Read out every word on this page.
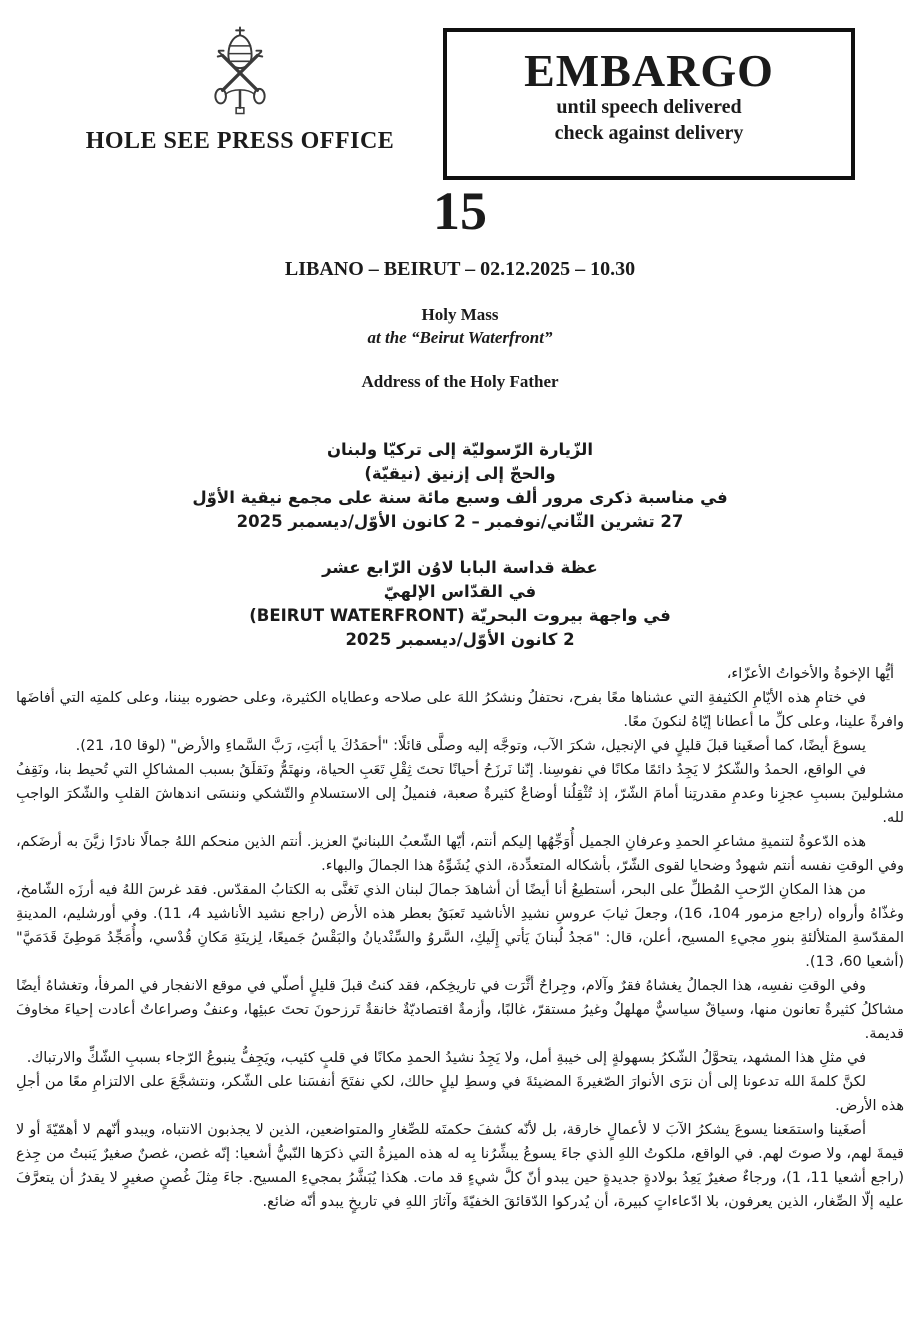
HOLE SEE PRESS OFFICE
EMBARGO
until speech delivered
check against delivery
15
LIBANO – BEIRUT – 02.12.2025 – 10.30
Holy Mass
at the “Beirut Waterfront”
Address of the Holy Father
الزّيارة الرّسوليّة إلى تركيّا ولبنان
والحجّ إلى إزنيق (نيقيّة)
في مناسبة ذكرى مرور ألف وسبع مائة سنة على مجمع نيقية الأوّل
27 تشرين الثّاني/نوفمبر – 2 كانون الأوّل/ديسمبر 2025
عظة قداسة البابا لاوُن الرّابع عشر
في القدّاس الإلهيّ
في واجهة بيروت البحريّة (BEIRUT WATERFRONT)
2 كانون الأوّل/ديسمبر 2025

أيُّها الإخوةُ والأخواتُ الأعزّاء،

في ختامِ هذه الأيّامِ الكثيفةِ التي عشناها معًا بفرح، نحتفلُ ونشكرُ اللهَ على صلاحه وعطاياه الكثيرة، وعلى حضوره بيننا، وعلى كلمتِه التي أفاضَها وافرةً علينا، وعلى كلِّ ما أعطانا إيّاهُ لنكونَ معًا.

يسوعَ أيضًا، كما أصغَينا قبلَ قليلٍ في الإنجيل، شكرَ الآب، وتوجَّه إليه وصلَّى قائلًا: "أحمَدُكَ يا أبَتِ، رَبَّ السَّماءِ والأرض" (لوقا 10، 21).

في الواقع، الحمدُ والشّكرُ لا يَجِدُ دائمًا مكانًا في نفوسِنا. إنّنا نَرزَحُ أحيانًا تحتَ ثِقْلِ تَعَبِ الحياة، ونهتَمُّ ونَقلَقُ بسبب المشاكلِ التي تُحيط بنا، ونَقِفُ مشلولينَ بسببِ عجزِنا وعدمِ مقدرتِنا أمامَ الشّرّ، إذ تُثْقِلُنا أوضاعٌ كثيرةٌ صعبة، فنميلُ إلى الاستسلامِ والتّشكي وننسَى اندهاشَ القلبِ والشّكرَ الواجبِ لله.

هذه الدّعوةُ لتنميةِ مشاعرِ الحمدِ وعرفانِ الجميل أُوَجِّهُها إليكم أنتم، أيّها الشّعبُ اللبنانيّ العزيز. أنتم الذين منحكم اللهُ جمالًا نادرًا زيَّنَ به أرضَكم، وفي الوقتِ نفسه أنتم شهودٌ وضحايا لقوى الشّرّ، بأشكاله المتعدِّدة، الذي يُشَوِّهُ هذا الجمالَ والبهاء.

من هذا المكانِ الرّحبِ المُطلِّ على البحر، أستطيعُ أنا أيضًا أن أشاهدَ جمالَ لبنان الذي تَغنَّى به الكتابُ المقدّس. فقد غرسَ اللهُ فيه أرزَه الشّامخ، وغذّاهُ وأرواه (راجع مزمور 104، 16)، وجعلَ ثيابَ عروسِ نشيدِ الأناشيد تَعبَقُ بعطر هذه الأرض (راجع نشيد الأناشيد 4، 11). وفي أورشليم، المدينةِ المقدّسةِ المتلألئةِ بنورِ مجيءِ المسيح، أعلن، قال: "مَجدُ لُبنانَ يَأتي إِلَيكِ، السَّروُ والسِّنْديانُ والبَقْسُ جَميعًا، لِزينَةِ مَكانِ قُدْسي، وأُمَجِّدُ مَوطِئَ قَدَمَيَّ" (أشعيا 60، 13).

وفي الوقتِ نفسِه، هذا الجمالُ يغشاهُ فقرٌ وآلام، وجِراحٌ أثَّرَت في تاريخِكم، فقد كنتُ قبلَ قليلٍ أصلّي في موقع الانفجار في المرفأ، وتغشاهُ أيضًا مشاكلُ كثيرةٌ تعانون منها، وسياقٌ سياسيٌّ مهلهلٌ وغيرُ مستقرّ، غالبًا، وأزمةٌ اقتصاديّةٌ خانقةٌ تَرزحونَ تحتَ عبئِها، وعنفٌ وصراعاتٌ أعادت إحياءَ مخاوفَ قديمة.

في مثلِ هذا المشهد، يتحوَّلُ الشّكرُ بسهولةٍ إلى خيبةِ أمل، ولا يَجِدُ نشيدُ الحمدِ مكانًا في قلبٍ كئيب، ويَجِفُّ ينبوعُ الرّجاء بسببِ الشّكِّ والارتباك.

لكنَّ كلمةَ الله تدعونا إلى أن نرَى الأنوارَ الصّغيرةَ المضيئةَ في وسطِ ليلٍ حالك، لكي نفتَحَ أنفسَنا على الشّكر، ونتشجَّعَ على الالتزامِ معًا من أجلِ هذه الأرض.

أصغَينا واستمَعنا يسوعَ يشكرُ الآبَ لا لأعمالٍ خارقة، بل لأنّه كشفَ حكمتَه للصِّغارِ والمتواضعين، الذين لا يجذبون الانتباه، ويبدو أنّهم لا أهمّيّةَ أو لا قيمةَ لهم، ولا صوتَ لهم. في الواقع، ملكوتُ اللهِ الذي جاءَ يسوعُ يبشِّرُنا بِه له هذه الميزةُ التي ذكرَها النّبيُّ أشعيا: إنّه غصن، غصنٌ صغيرٌ يَنبتُ من جِذع (راجع أشعيا 11، 1)، ورجاءٌ صغيرٌ يَعِدُ بولادةٍ جديدةٍ حين يبدو أنّ كلَّ شيءٍ قد مات. هكذا يُبَشَّرُ بمجيءِ المسيح. جاءَ مِثلَ غُصنٍ صغيرٍ لا يقدرُ أن يتعرَّفَ عليه إلّا الصِّغار، الذين يعرفون، بلا ادّعاءاتٍ كبيرة، أن يُدركوا الدّقائقَ الخفيّةَ وآثارَ اللهِ في تاريخٍ يبدو أنّه ضائع.
